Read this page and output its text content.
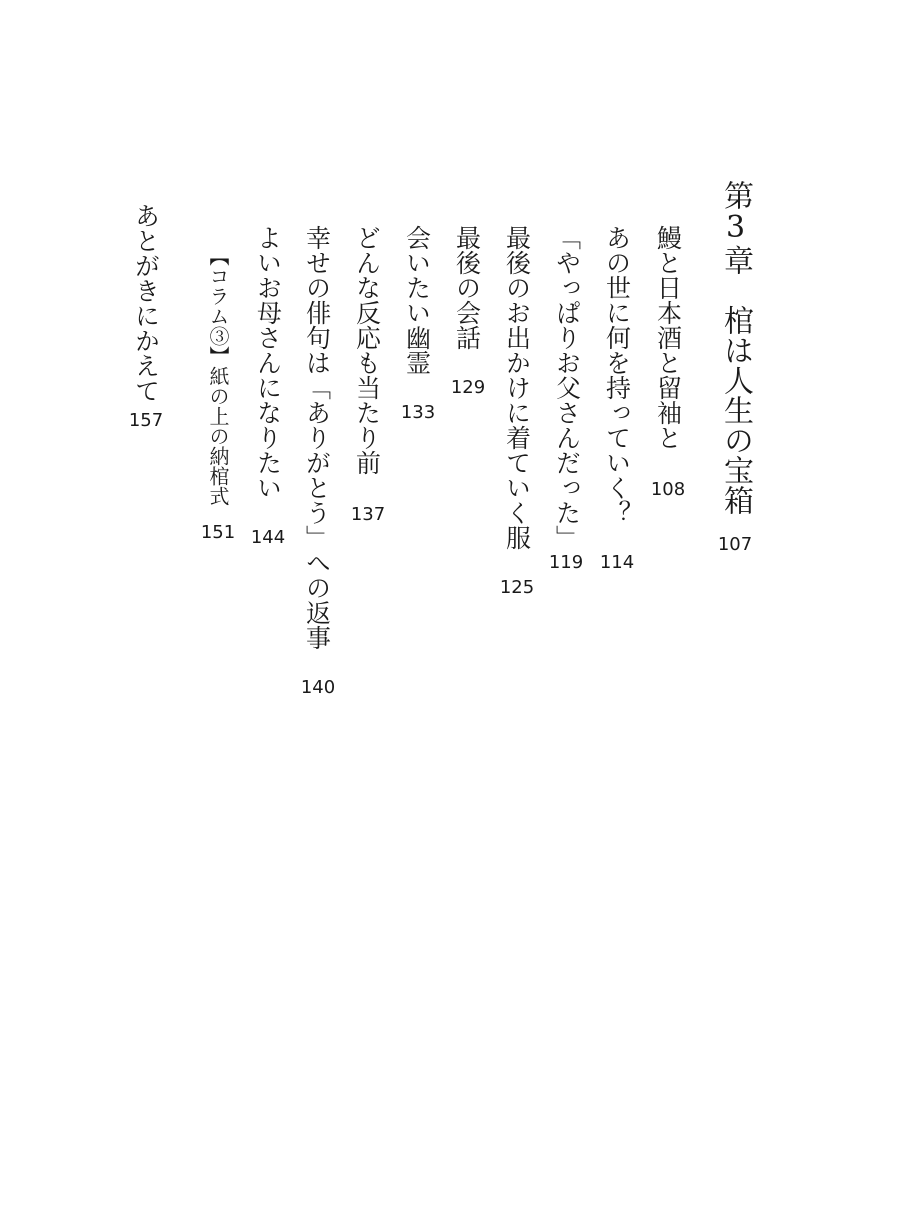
第3章　棺は人生の宝箱
107
鰻と日本酒と留袖と
108
あの世に何を持っていく？
114
「やっぱりお父さんだった」
119
最後のお出かけに着ていく服
125
最後の会話
129
会いたい幽霊
133
どんな反応も当たり前
137
幸せの俳句は「ありがとう」への返事
140
よいお母さんになりたい
144
【コラム③】紙の上の納棺式
151
あとがきにかえて
157
